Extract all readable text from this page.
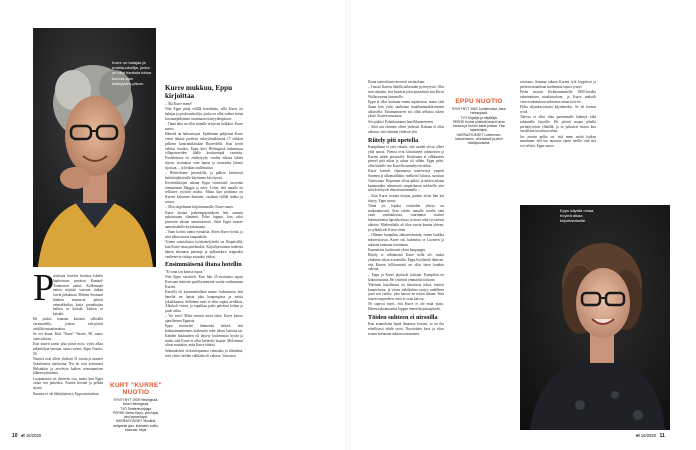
Kurre on halajaa ja poskisuukoilija, jonka on ollut hankala tottua korona-ajan etäisyyden-pitoon.
P

arisluuta kävelee kotiinsa Isbelin läpiteävaan putoiton Kamaal-Tommaron tuaksi. Kulkemaan naiten näyttää vanwan tinkan toivia järkaimaa. Mehten Suomaat hitahun mussuvat päässä vetmakkaiksa kotia pornahuijaa kaiken se kotiaki, kaiken se kaisaki.

He piiästi tonnaan kaiansii selkeällä varmuudella, joukaa valt-päiväl avidiltitonsaattanuttaa.

Se ovi ihana, Kurt "Kurre" Nuotio, 80, sanoo vantvaltoren.

Kun toinen sanoo joka päivä mois, vyhti alkaa pikkuhiljaa suostuu, sanoo vaimo, Eppu Nuotio, 56.

Nuotiot ovat olleet yhdessä 31 vuotta ja asuneet Sokakinissa oneittoina. Nyt he ovat asettuneet Helsinkiin ja arveleyat kaiken retessaamisen jälkeen jäävämsä.

Luopuminen on ilmiseen osa, mutta kun Eppu otitaa sen puheeksi, Kurrea kiertää ja pelkää sijaan.

Ilmansa ei ole lähtöjärjestys, Eppu mutustitaa.

KURT "KURRE" NUOTIO
SYNTYNYT 1939 Helsingissä. Asuu Helsingissä.
TYÖ Teatterinohjaaja.
PERHE Vaimo Eppu, yksi lapsi, yksi lapsenlapsi.
HARRASTUKSET Musiikki, antiyeesit jazz, klarinetin soitto, elokuvat, kirjat.
Kurre mukkuu, Eppu kirjoittaa

– Älä Kurre mene!

Niin Eppu pitää välillä hesahittaa, sillä Kurre on halajaa ja poskisuukoilija, jonka on ollut vaikea tottua koronaepidemian vaatimaan etäisyydenpitoon.

– Tämä aika on ollut minulle erityisen kolkkoa, Kurre sanoo.

Häneltä on haluavuojaa. Epidemian puhjettua Kurre viettä ilmauä puolesta riskiryhmäläisenä 17 viikkoa pelkesn kontrimökissään Ruovedellä. Kun kevät valittui kesäksi, Eppu kävi Helsingissä hakemassa villapusereiden tilalle kesäisempiä vaatteita. Puoleksiinsa on etätäytyyäy vasden uikaaa lähtea täysin, tavammat vain lapsia ja muusteita lähettä sijoittaa, – ja hetkiin osallistuttua.

– Hetitelttome peiamkilla, ja palkon kiertäessä hetitäiräjättoisalle käytimme kävelyissä.

Kevätviikkojen aikana Eppu viimeisteli tuoreinta romaaniaan Maggie ja mies. Loitsi, että muulla on sellaisen syöttiin ruuksi. Mutta kun piuhtona on Kurren kaltainen ihminen, vaadaan välillä tiukka ja seisoa.

– Olen ongelmaan kirjoittamuulle, Kurre sanoo.

Kurre alottaa puheempipaituksen heti aamuin aukaistuaan silmänsä. Pulse luppuu, kun valot pussenin aikaan sammuvaisen. Siksi Eppu nousee aamuisadeilla kirjoittamaan.

– Saan kotiini tuntia tyrsuksia. Sitten Kurre herää, ja siitä alkaa turaus kaupankäle.

Toinen vastaalistuu työskentelyhetki on Iltapäivällä, kun Kurre ottaa päivänukot. Kirjailijavaimon mielestä hänen aikanaan parempi ja palkuuskasi reippaiksi vanhenevia siuluja avaruksi yhdyn.

Ensimmäisenä iltana hotellin

"Ei vaan ton kanssa rupea."

Niin Eppu varoitteli. Kun hän 25-vuotiaana tapasi Koovaan teatterin puolikymmentä vuotta vanhemman Kurren.

Kurrella oli kymmenkallaan maine: hukutuinen, että häneltä on lapsia joka kaupungissa ja naisia jokaikkaassa. Sellainen mies ei ollut sopiut avidilton. Alkoholi virtasi, ja tupakkaa paloi päivässä kolme ja puoli askia.

– Voi viesi! Mikä ennivät niittä tulee, Kurre kertoo ajatelleensa Eppusta.

Eppu muistelee ilmmeeitä hetkeä, että kohtuunmattiemeis mälemätä tulee häsen lastoina tai. Kahden kuukauden oli täytety kuolemasta hyvää ja miten siitä Kurre ei ollut kerdedyt laspiin. Molemmat olivat muitakin, mitä Kurre täitävä.

Sekunaksheti elokuvitapaansa vetmaaks ja elämääsä, ettei yhteis heiden välillään oli valtava. Vastaisen

10 et 16/2020

Iltana teatterilaiset menivät ravintolaan.

– Tunsin Kurren lähellä nähessään pyörrytystä. Olin niin sekaisin, että kaadoin joku punaviiniä sini Kirsti Wallasvaaran kimonolle.

Eppu ei ollut koskaan ennen tupakoinut, mutta sinä iltana hän yritti saubottaa maailmannäköisimiten ulkoisella. Tutunnamiseen siis ollut sellaisia oikein yksiä. Kurrea naurattaa.

Siis päättyi Pohtokartanon hotellihuoneeseen.

– Siitä asti olemme olleet yhdessä. Kokaan ei ollut aikonut, että olemme yhdessä yhä.

Riitely piti opetella

Kuinpikaan ei ystä vatioin, että vaadet olivat olleet yhtä aonoa. Pienoa ovat kiiruttaneet rahaiteisen ja Kurren pitkät poissaolot. Korkeuma ei vilkkuneen pieteel pitä aikaa ja rahaa oli vähän. Eppu pelei, ollut hänelle itse Kurrella tunnehyvin niihin.

Kurre kierteli ohjaamassa teattereissa ympäri Suomea ja ulkomaillakin, melkein Oulussa, suositun Vanovanaa. Repeamat olivat pitkiä, ja niiden aikana kummankin uhennostä ympäröiman tukkeella niin sinä kehittyvät elinoitsemimmalla ...

– Kun Kurre kotona teurjas, paalun eiriin hän kai täytyy, Eppu sanoo.

Tämä jos lopulta ristiriiden yhteys on mukaantuvasti: liian oikein samalla tavalla vain vaati vanhuuksissa, suurimmat sisäiset lukemattomat lapsiskoitossa ja moni sekä fyysisessä aikoina. Mielentilailu oli tilaa varsin kunnia yhteen, ja sylkäilyvät Kurre sitten.

– Olimme kumpikin alakarrisemmia, ennen kaikkia mäyrityksissä. Kurre otti laskeutua se Luoneen ja rakastui laamaan totuttuuun.

Kannattaisi luultavasti yksin kaupungin.

Riitely ei välttämättä Kurre nolla ole, mutta yhtäinen vihan asioinnilla. Eppu hyödyttää ihmisen, että Kurren hillitsemistä on ollut täten kuinkin vahvaa.

– Eppu ja Kurre täyttävät toisiaan. Kumpikin on kokonaisuutta. He yrittävät ymmärtää toisiaan.

Yhteinen kirjallisuus on tekostusta tekoa, teatteri kuunteluosa, ja toisen näkökulma syntyy uudelleen juuri sen vuoksi, joka katsoo ne toisen aikaan. Siitä toisen osapuoleen, mitä se osaa kaivaa.

Ne sopivat myös, että Kurre ei ole enää yksin. Hänen jaksamisensa loppuu ennen kirjoituspäivää.

Töiden suhteen ei nirsoilla

Kun asuntolaina lepää ilmaussa kovasti, se on ilta rehellisesti tehdä työtä. Nuotioiden kesä ja rikas toinen kotimaan aikaan nostaminen.

EPPU NUOTIO
SYNTYNYT 1962 Joutsenossa. Asuu Helsingissä.
TYÖ Kirjailija ja näyttelijä.
PERHE Kolme yhteistä lasta Kurren kanssa ja Kurren kaksi poikaa. Yksi lapsenlapsi.
HARRASTUKSET Lukeminen, kävuleminen, viherkasvit ja pieni mökkipuutarha.

arrovana. Samaan aikaan Kurren työt loppuivat ja perheen maatilaan molemmat lapset syntyi.

Perhe muutti Kirkkonummelle 1800-luvulla rakennettuun maalaistaloon, ja Kurre makoili vuorovaikutuksen tulemasta oman koti-tie.

Pidin viljankasvatusta käytännöksi. Se oli hienoa työtä.

Talossa ei ollut tilaa paremmalle kääntyä eikä tuhannelle kirjoille. He pitivät majaa pihalla perintöyöiöön ylhäällä, ja se jatkuivat eloina kuu varuillaan tuottavaa rahaa.

Jos naurin pelko on, että meni mittä kaiken maailman, että tuo nuoruus opetti meille, että sitä voi selvitä, Eppu sanoo.

Eppu käytää omaa höyleä aikaa kirjoittamiselle.
et 16/2020 11
